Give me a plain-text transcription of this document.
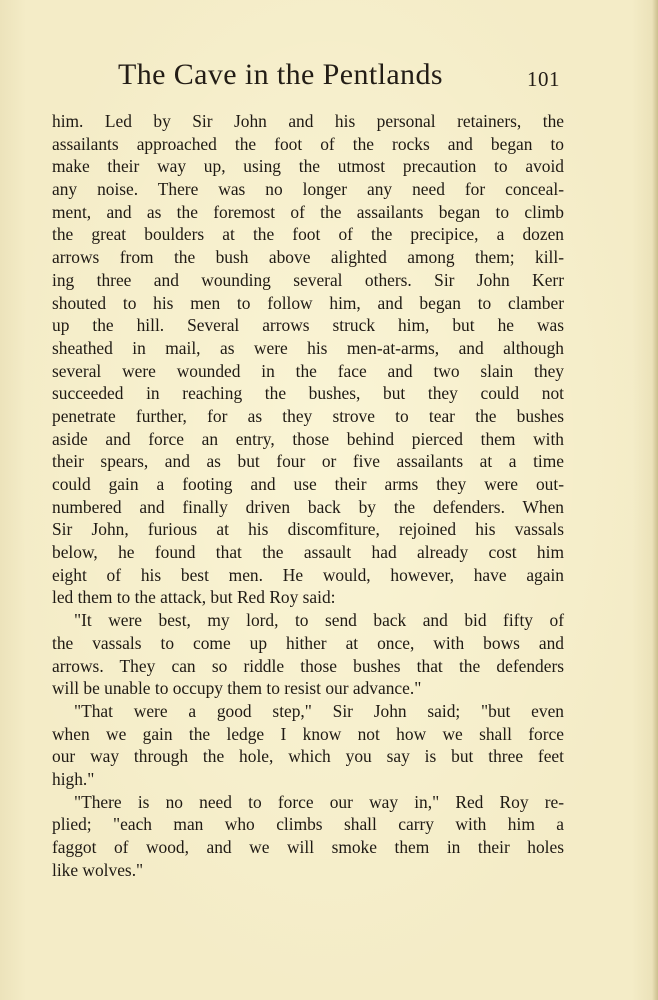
The Cave in the Pentlands	101
him. Led by Sir John and his personal retainers, the
assailants approached the foot of the rocks and began to
make their way up, using the utmost precaution to avoid
any noise. There was no longer any need for conceal-
ment, and as the foremost of the assailants began to climb
the great boulders at the foot of the precipice, a dozen
arrows from the bush above alighted among them; kill-
ing three and wounding several others. Sir John Kerr
shouted to his men to follow him, and began to clamber
up the hill. Several arrows struck him, but he was
sheathed in mail, as were his men-at-arms, and although
several were wounded in the face and two slain they
succeeded in reaching the bushes, but they could not
penetrate further, for as they strove to tear the bushes
aside and force an entry, those behind pierced them with
their spears, and as but four or five assailants at a time
could gain a footing and use their arms they were out-
numbered and finally driven back by the defenders. When
Sir John, furious at his discomfiture, rejoined his vassals
below, he found that the assault had already cost him
eight of his best men. He would, however, have again
led them to the attack, but Red Roy said:
"It were best, my lord, to send back and bid fifty of
the vassals to come up hither at once, with bows and
arrows. They can so riddle those bushes that the defenders
will be unable to occupy them to resist our advance."
"That were a good step," Sir John said; "but even
when we gain the ledge I know not how we shall force
our way through the hole, which you say is but three feet
high."
"There is no need to force our way in," Red Roy re-
plied; "each man who climbs shall carry with him a
faggot of wood, and we will smoke them in their holes
like wolves."
